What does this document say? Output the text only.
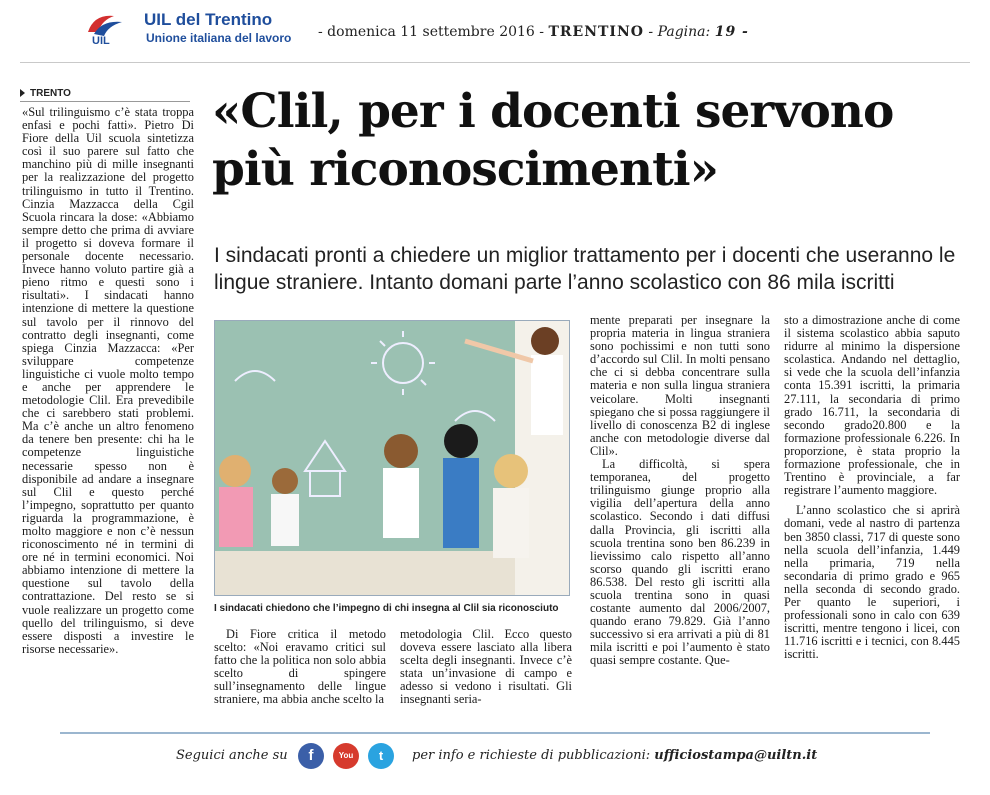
UIL
UIL del Trentino
Unione italiana del lavoro - domenica 11 settembre 2016 - TRENTINO - Pagina: 19 -
TRENTO	«Clil, per i docenti servono più riconoscimenti»
I sindacati pronti a chiedere un miglior trattamento per i docenti che useranno le lingue straniere. Intanto domani parte l’anno scolastico con 86 mila iscritti
«Sul trilinguismo c’è stata troppa enfasi e pochi fatti». Pietro Di Fiore della Uil scuola sintetizza così il suo parere sul fatto che manchino più di mille insegnanti per la realizzazione del progetto trilinguismo in tutto il Trentino. Cinzia Mazzacca della Cgil Scuola rincara la dose: «Abbiamo sempre detto che prima di avviare il progetto si doveva formare il personale docente necessario. Invece hanno voluto partire già a pieno ritmo e questi sono i risultati». I sindacati hanno intenzione di mettere la questione sul tavolo per il rinnovo del contratto degli insegnanti, come spiega Cinzia Mazzacca: «Per sviluppare competenze linguistiche ci vuole molto tempo e anche per apprendere le metodologie Clil. Era prevedibile che ci sarebbero stati problemi. Ma c’è anche un altro fenomeno da tenere ben presente: chi ha le competenze linguistiche necessarie spesso non è disponibile ad andare a insegnare sul Clil e questo perché l’impegno, soprattutto per quanto riguarda la programmazione, è molto maggiore e non c’è nessun riconoscimento né in termini di ore né in termini economici. Noi abbiamo intenzione di mettere la questione sul tavolo della contrattazione. Del resto se si vuole realizzare un progetto come quello del trilinguismo, si deve essere disposti a investire le risorse necessarie».
I sindacati chiedono che l’impegno di chi insegna al Clil sia riconosciuto
Di Fiore critica il metodo scelto: «Noi eravamo critici sul fatto che la politica non solo abbia scelto di spingere sull’insegnamento delle lingue straniere, ma abbia anche scelto la
metodologia Clil. Ecco questo doveva essere lasciato alla libera scelta degli insegnanti. Invece c’è stata un’invasione di campo e adesso si vedono i risultati. Gli insegnanti seria-

mente preparati per insegnare la propria materia in lingua straniera sono pochissimi e non tutti sono d’accordo sul Clil. In molti pensano che ci si debba concentrare sulla materia e non sulla lingua straniera veicolare. Molti insegnanti spiegano che si possa raggiungere il livello di conoscenza B2 di inglese anche con metodologie diverse dal Clil».

La difficoltà, si spera temporanea, del progetto trilinguismo giunge proprio alla vigilia dell’apertura della anno scolastico. Secondo i dati diffusi dalla Provincia, gli iscritti alla scuola trentina sono ben 86.239 in lievissimo calo rispetto all’anno scorso quando gli iscritti erano 86.538. Del resto gli iscritti alla scuola trentina sono in quasi costante aumento dal 2006/2007, quando erano 79.829. Già l’anno successivo si era arrivati a più di 81 mila iscritti e poi l’aumento è stato quasi sempre costante. Que-

sto a dimostrazione anche di come il sistema scolastico abbia saputo ridurre al minimo la dispersione scolastica. Andando nel dettaglio, si vede che la scuola dell’infanzia conta 15.391 iscritti, la primaria 27.111, la secondaria di primo grado 16.711, la secondaria di secondo grado20.800 e la formazione professionale 6.226. In proporzione, è stata proprio la formazione professionale, che in Trentino è provinciale, a far registrare l’aumento maggiore.

L’anno scolastico che si aprirà domani, vede al nastro di partenza ben 3850 classi, 717 di queste sono nella scuola dell’infanzia, 1.449 nella primaria, 719 nella secondaria di primo grado e 965 nella seconda di secondo grado. Per quanto le superiori, i professionali sono in calo con 639 iscritti, mentre tengono i licei, con 11.716 iscritti e i tecnici, con 8.445 iscritti.

Seguici anche su	f	You Tube
t	per info e richieste di pubblicazioni: ufficiostampa@uiltn.it
